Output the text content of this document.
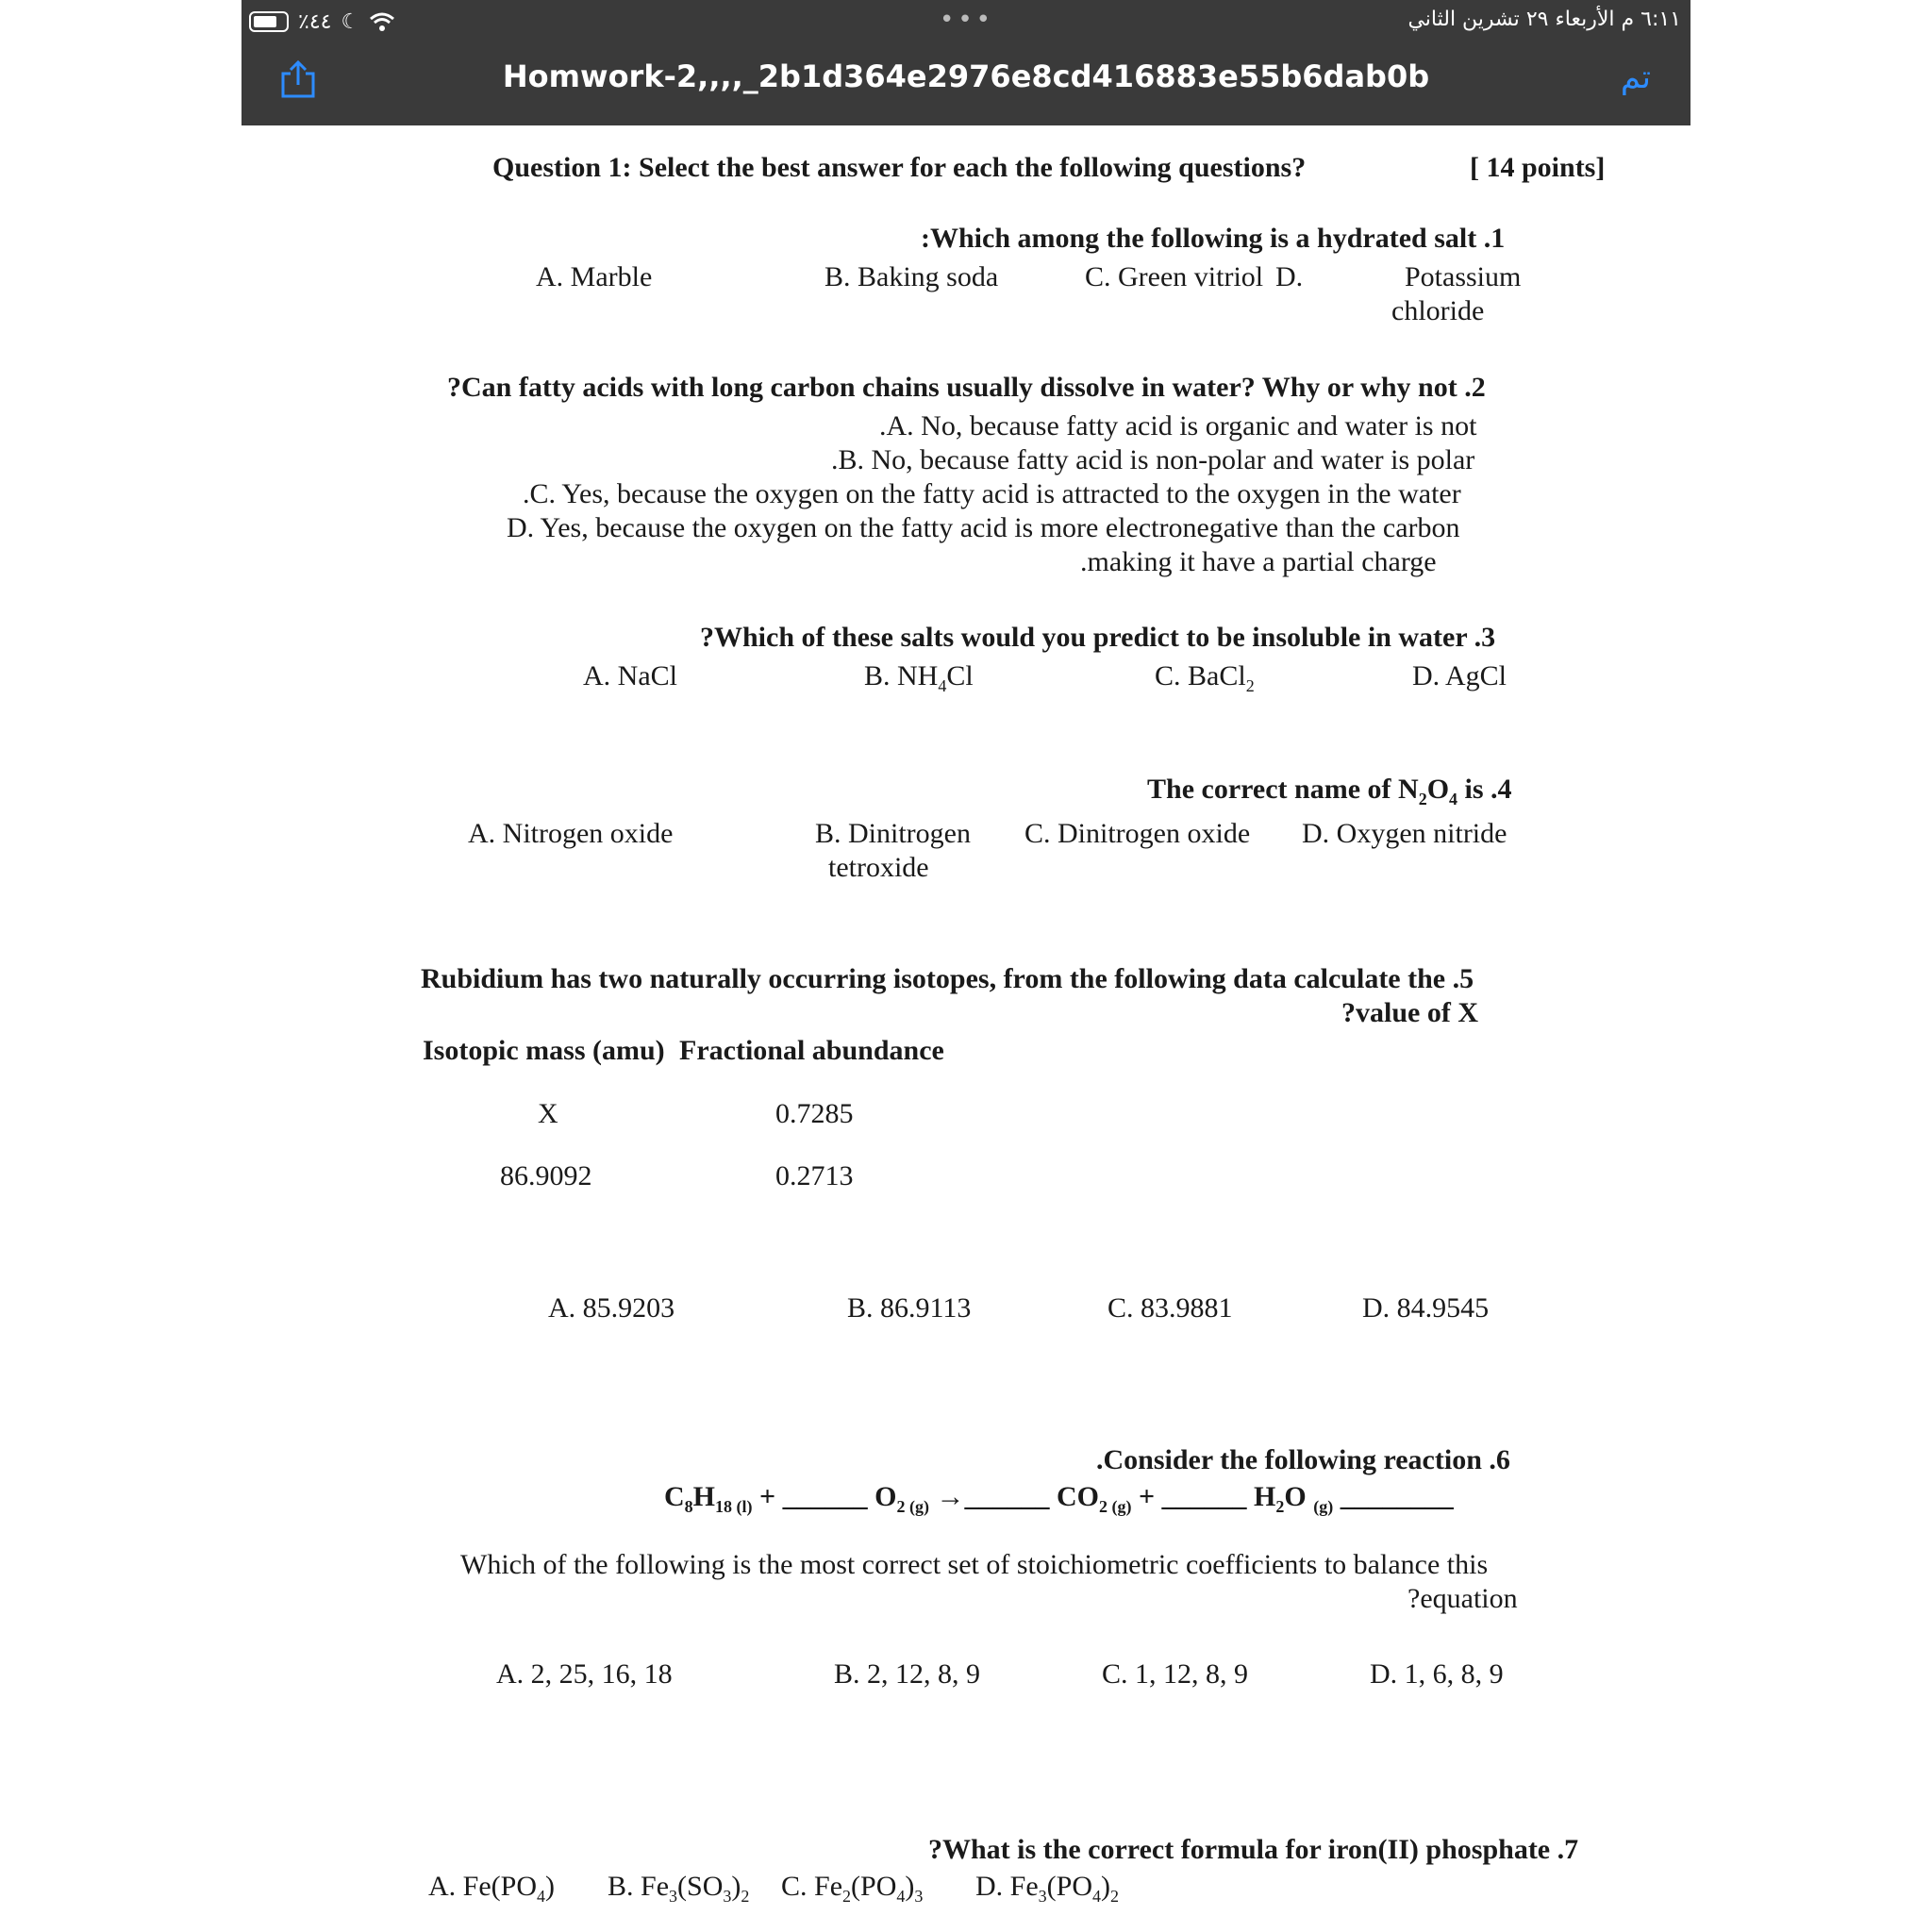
٪٤٤ ☾	•••	٦:١١ م الأربعاء ٢٩ تشرين الثاني
Homwork-2,,,,_2b1d364e2976e8cd416883e55b6dab0b	تم
Question 1: Select the best answer for each the following questions?	[ 14 points]
:Which among the following is a hydrated salt .1
A. Marble	B. Baking soda	C. Green vitriol D.	Potassium
chloride
?Can fatty acids with long carbon chains usually dissolve in water? Why or why not .2
.A. No, because fatty acid is organic and water is not
.B. No, because fatty acid is non-polar and water is polar
.C. Yes, because the oxygen on the fatty acid is attracted to the oxygen in the water
D. Yes, because the oxygen on the fatty acid is more electronegative than the carbon
.making it have a partial charge
?Which of these salts would you predict to be insoluble in water .3
A. NaCl	B. $NH_4Cl$	C. BaCl$_2$	D. AgCl
The correct name of $N_2O_4$ is .4
A. Nitrogen oxide	B. Dinitrogen
tetroxide
C. Dinitrogen oxide D. Oxygen nitride
Rubidium has two naturally occurring isotopes, from the following data calculate the .5
?value of X
Isotopic mass (amu) Fractional abundance
X	0.7285
86.9092	0.2713
A. 85.9203	B. 86.9113	C. 83.9881	D. 84.9545
.Consider the following reaction .6
$C_8H_{18 (l)}$ + ______ $O_{2 (g)}$ →______ $CO_{2 (g)}$ + ______ $H_2O$ $_{(g)}$ ________
Which of the following is the most correct set of stoichiometric coefficients to balance this
?equation
A. 2, 25, 16, 18	B. 2, 12, 8, 9	C. 1, 12, 8, 9	D. 1, 6, 8, 9
?What is the correct formula for iron(II) phosphate .7
A. $Fe(PO_4)$ B. $Fe_3(SO_3)_2$ C. $Fe_2(PO_4)_3$ D. $Fe_3(PO_4)_2$
